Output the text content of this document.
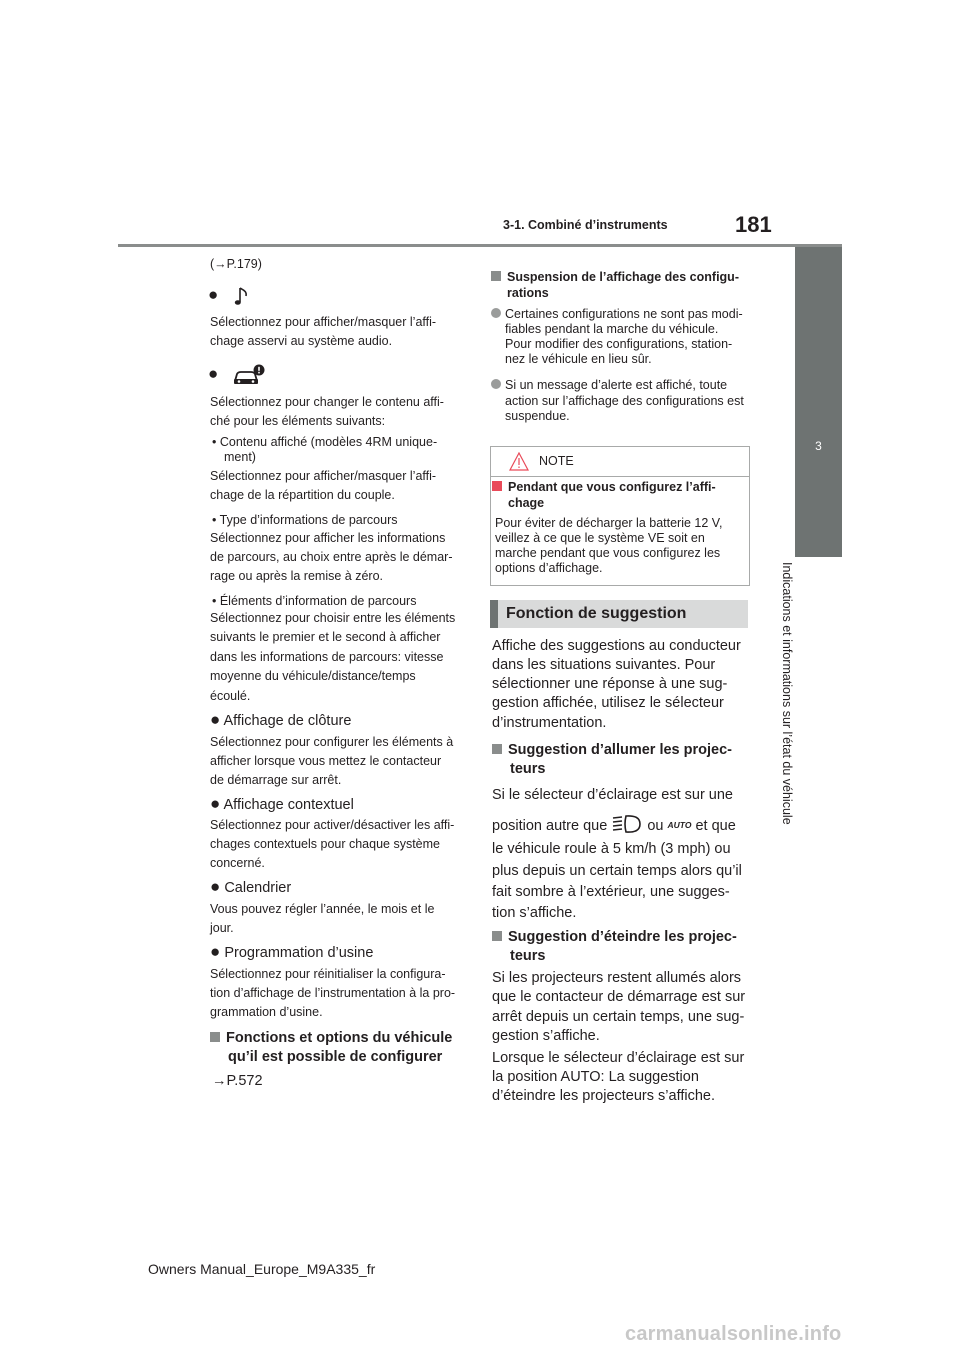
3-1. Combiné d’instruments	181
3
Indications et informations sur l’état du véhicule
(→P.179)
●
Sélectionnez pour afficher/masquer l’affi-
chage asservi au système audio.
●
Sélectionnez pour changer le contenu affi-
ché pour les éléments suivants:
• Contenu affiché (modèles 4RM unique-
ment)
Sélectionnez pour afficher/masquer l’affi-
chage de la répartition du couple.
• Type d’informations de parcours
Sélectionnez pour afficher les informations
de parcours, au choix entre après le démar-
rage ou après la remise à zéro.
• Éléments d’information de parcours
Sélectionnez pour choisir entre les éléments
suivants le premier et le second à afficher
dans les informations de parcours: vitesse
moyenne du véhicule/distance/temps
écoulé.
● Affichage de clôture
Sélectionnez pour configurer les éléments à
afficher lorsque vous mettez le contacteur
de démarrage sur arrêt.
● Affichage contextuel
Sélectionnez pour activer/désactiver les affi-
chages contextuels pour chaque système
concerné.
● Calendrier
Vous pouvez régler l’année, le mois et le
jour.
● Programmation d’usine
Sélectionnez pour réinitialiser la configura-
tion d’affichage de l’instrumentation à la pro-
grammation d’usine.
Fonctions et options du véhicule
qu’il est possible de configurer
→P.572
Suspension de l’affichage des configu-
rations
Certaines configurations ne sont pas modi-
fiables pendant la marche du véhicule.
Pour modifier des configurations, station-
nez le véhicule en lieu sûr.
Si un message d’alerte est affiché, toute
action sur l’affichage des configurations est
suspendue.
NOTE
Pendant que vous configurez l’affi-
chage
Pour éviter de décharger la batterie 12 V,
veillez à ce que le système VE soit en
marche pendant que vous configurez les
options d’affichage.
Fonction de suggestion
Affiche des suggestions au conducteur
dans les situations suivantes. Pour
sélectionner une réponse à une sug-
gestion affichée, utilisez le sélecteur
d’instrumentation.
Suggestion d’allumer les projec-
teurs
Si le sélecteur d’éclairage est sur une
position autre que	ou AUTO et que
le véhicule roule à 5 km/h (3 mph) ou
plus depuis un certain temps alors qu’il
fait sombre à l’extérieur, une sugges-
tion s’affiche.
Suggestion d’éteindre les projec-
teurs
Si les projecteurs restent allumés alors
que le contacteur de démarrage est sur
arrêt depuis un certain temps, une sug-
gestion s’affiche.
Lorsque le sélecteur d’éclairage est sur
la position AUTO: La suggestion
d’éteindre les projecteurs s’affiche.
Owners Manual_Europe_M9A335_fr
carmanualsonline.info
